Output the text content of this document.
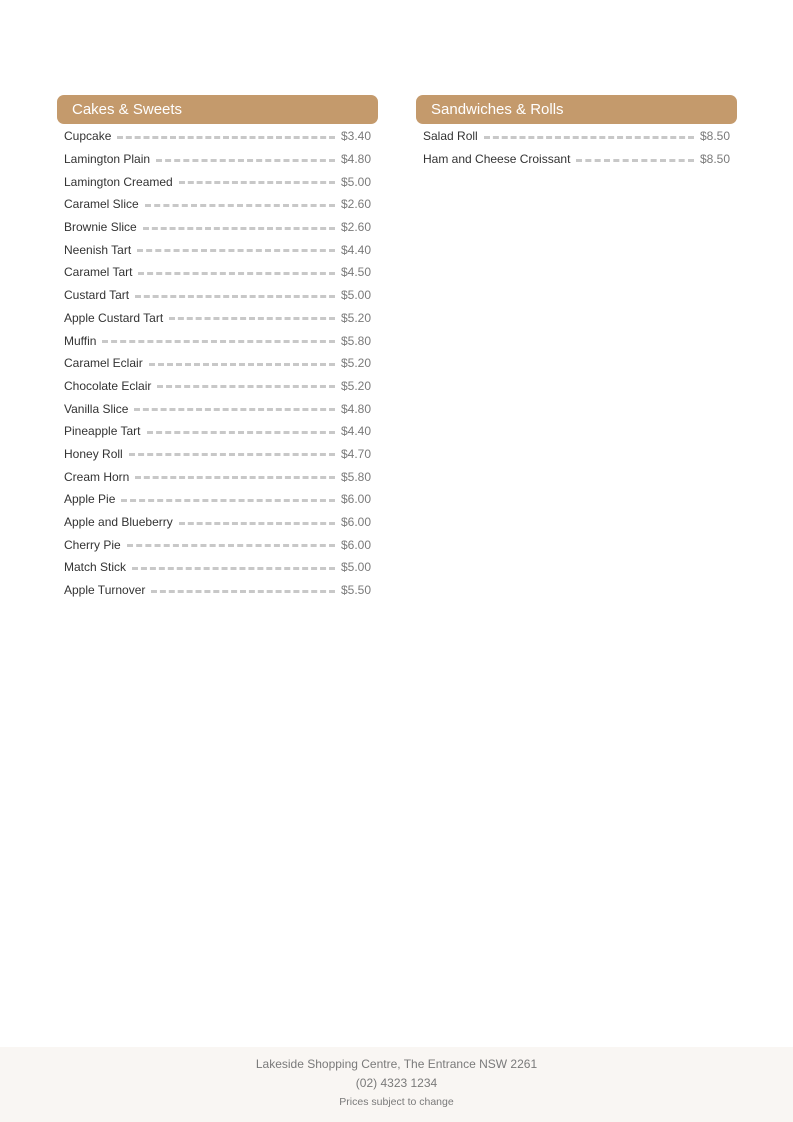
Cakes & Sweets
Cupcake	$3.40
Lamington Plain	$4.80
Lamington Creamed	$5.00
Caramel Slice	$2.60
Brownie Slice	$2.60
Neenish Tart	$4.40
Caramel Tart	$4.50
Custard Tart	$5.00
Apple Custard Tart	$5.20
Muffin	$5.80
Caramel Eclair	$5.20
Chocolate Eclair	$5.20
Vanilla Slice	$4.80
Pineapple Tart	$4.40
Honey Roll	$4.70
Cream Horn	$5.80
Apple Pie	$6.00
Apple and Blueberry	$6.00
Cherry Pie	$6.00
Match Stick	$5.00
Apple Turnover	$5.50
Sandwiches & Rolls
Salad Roll	$8.50
Ham and Cheese Croissant	$8.50
Lakeside Shopping Centre, The Entrance NSW 2261
(02) 4323 1234
Prices subject to change
